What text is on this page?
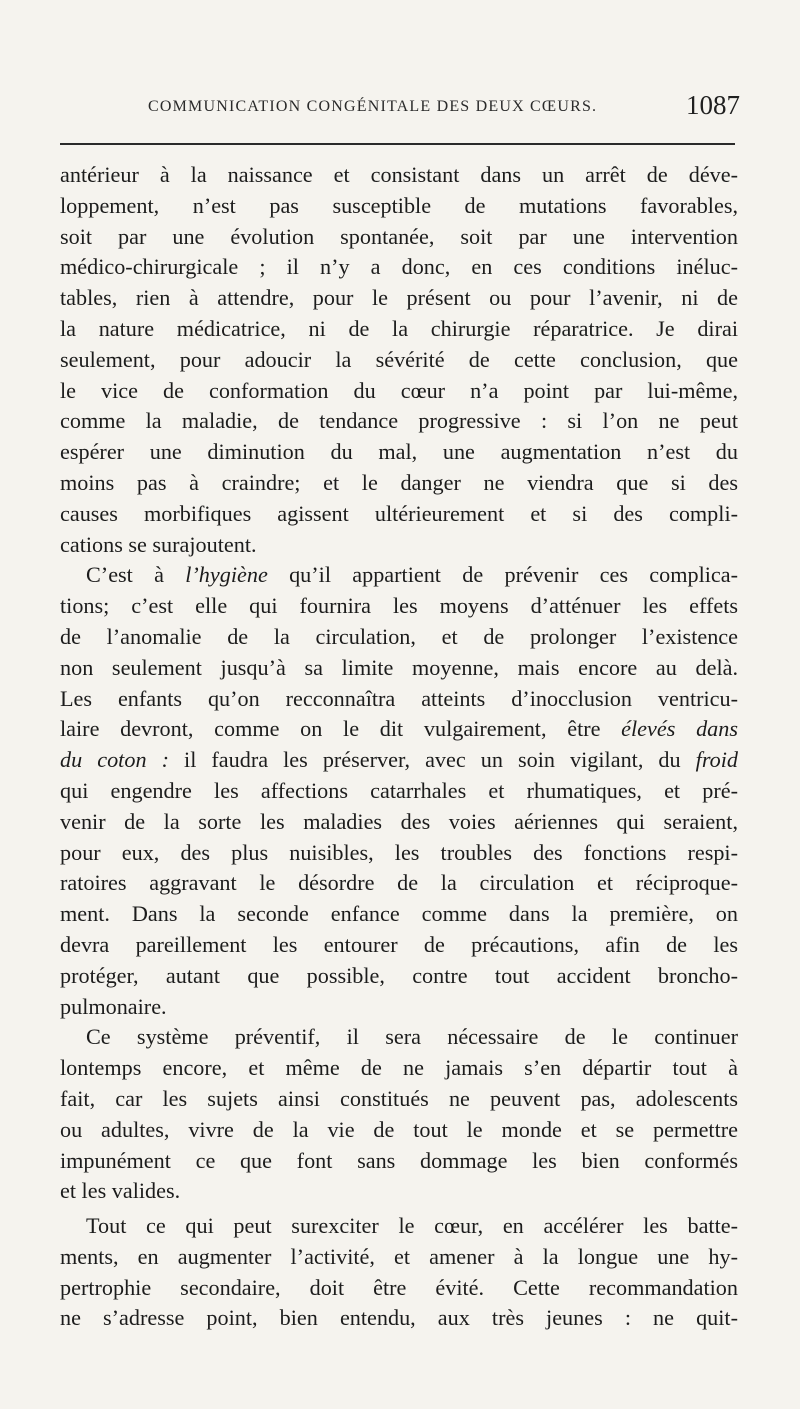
COMMUNICATION CONGÉNITALE DES DEUX CŒURS.	1087
antérieur à la naissance et consistant dans un arrêt de déve-
loppement, n’est pas susceptible de mutations favorables,
soit par une évolution spontanée, soit par une intervention
médico-chirurgicale ; il n’y a donc, en ces conditions inéluc-
tables, rien à attendre, pour le présent ou pour l’avenir, ni de
la nature médicatrice, ni de la chirurgie réparatrice. Je dirai
seulement, pour adoucir la sévérité de cette conclusion, que
le vice de conformation du cœur n’a point par lui-même,
comme la maladie, de tendance progressive : si l’on ne peut
espérer une diminution du mal, une augmentation n’est du
moins pas à craindre; et le danger ne viendra que si des
causes morbifiques agissent ultérieurement et si des compli-
cations se surajoutent.
C’est à l’hygiène qu’il appartient de prévenir ces complica-
tions; c’est elle qui fournira les moyens d’atténuer les effets
de l’anomalie de la circulation, et de prolonger l’existence
non seulement jusqu’à sa limite moyenne, mais encore au delà.
Les enfants qu’on recconnaîtra atteints d’inocclusion ventricu-
laire devront, comme on le dit vulgairement, être élevés dans
du coton : il faudra les préserver, avec un soin vigilant, du froid
qui engendre les affections catarrhales et rhumatiques, et pré-
venir de la sorte les maladies des voies aériennes qui seraient,
pour eux, des plus nuisibles, les troubles des fonctions respi-
ratoires aggravant le désordre de la circulation et réciproque-
ment. Dans la seconde enfance comme dans la première, on
devra pareillement les entourer de précautions, afin de les
protéger, autant que possible, contre tout accident broncho-
pulmonaire.
Ce système préventif, il sera nécessaire de le continuer
lontemps encore, et même de ne jamais s’en départir tout à
fait, car les sujets ainsi constitués ne peuvent pas, adolescents
ou adultes, vivre de la vie de tout le monde et se permettre
impunément ce que font sans dommage les bien conformés
et les valides.
Tout ce qui peut surexciter le cœur, en accélérer les batte-
ments, en augmenter l’activité, et amener à la longue une hy-
pertrophie secondaire, doit être évité. Cette recommandation
ne s’adresse point, bien entendu, aux très jeunes : ne quit-
